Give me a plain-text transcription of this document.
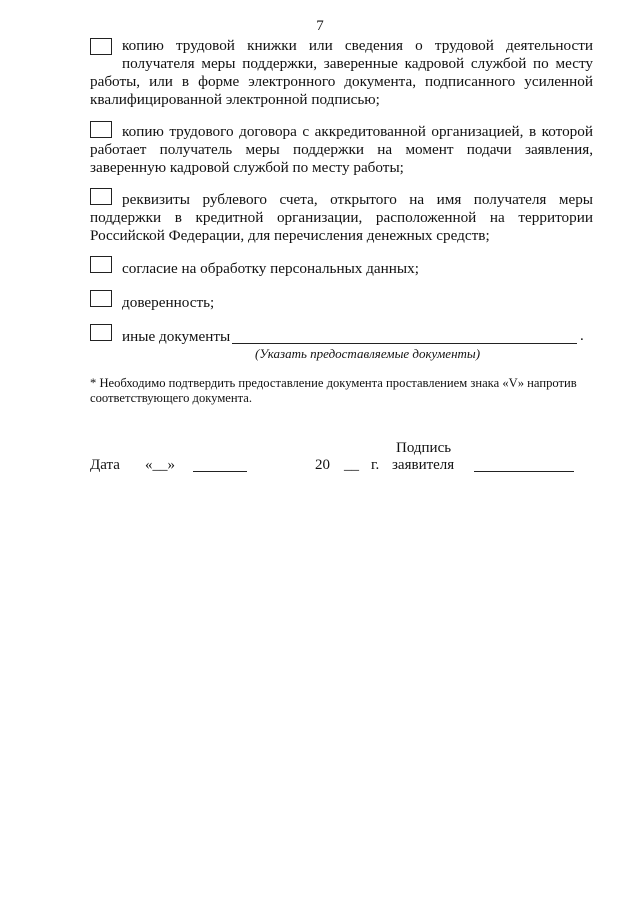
7
копию трудовой книжки или сведения о трудовой деятельности
получателя меры поддержки, заверенные кадровой службой по месту
работы, или в форме электронного документа, подписанного усиленной
квалифицированной электронной подписью;
копию трудового договора с аккредитованной организацией, в которой
работает получатель меры поддержки на момент подачи заявления,
заверенную кадровой службой по месту работы;
реквизиты рублевого счета, открытого на имя получателя меры
поддержки в кредитной организации, расположенной на территории
Российской Федерации, для перечисления денежных средств;
согласие на обработку персональных данных;
доверенность;
иные документы	.
(Указать предоставляемые документы)
* Необходимо подтвердить предоставление документа проставлением знака «V» напротив
соответствующего документа.
Подпись
Дата «__»	20 __ г. заявителя
